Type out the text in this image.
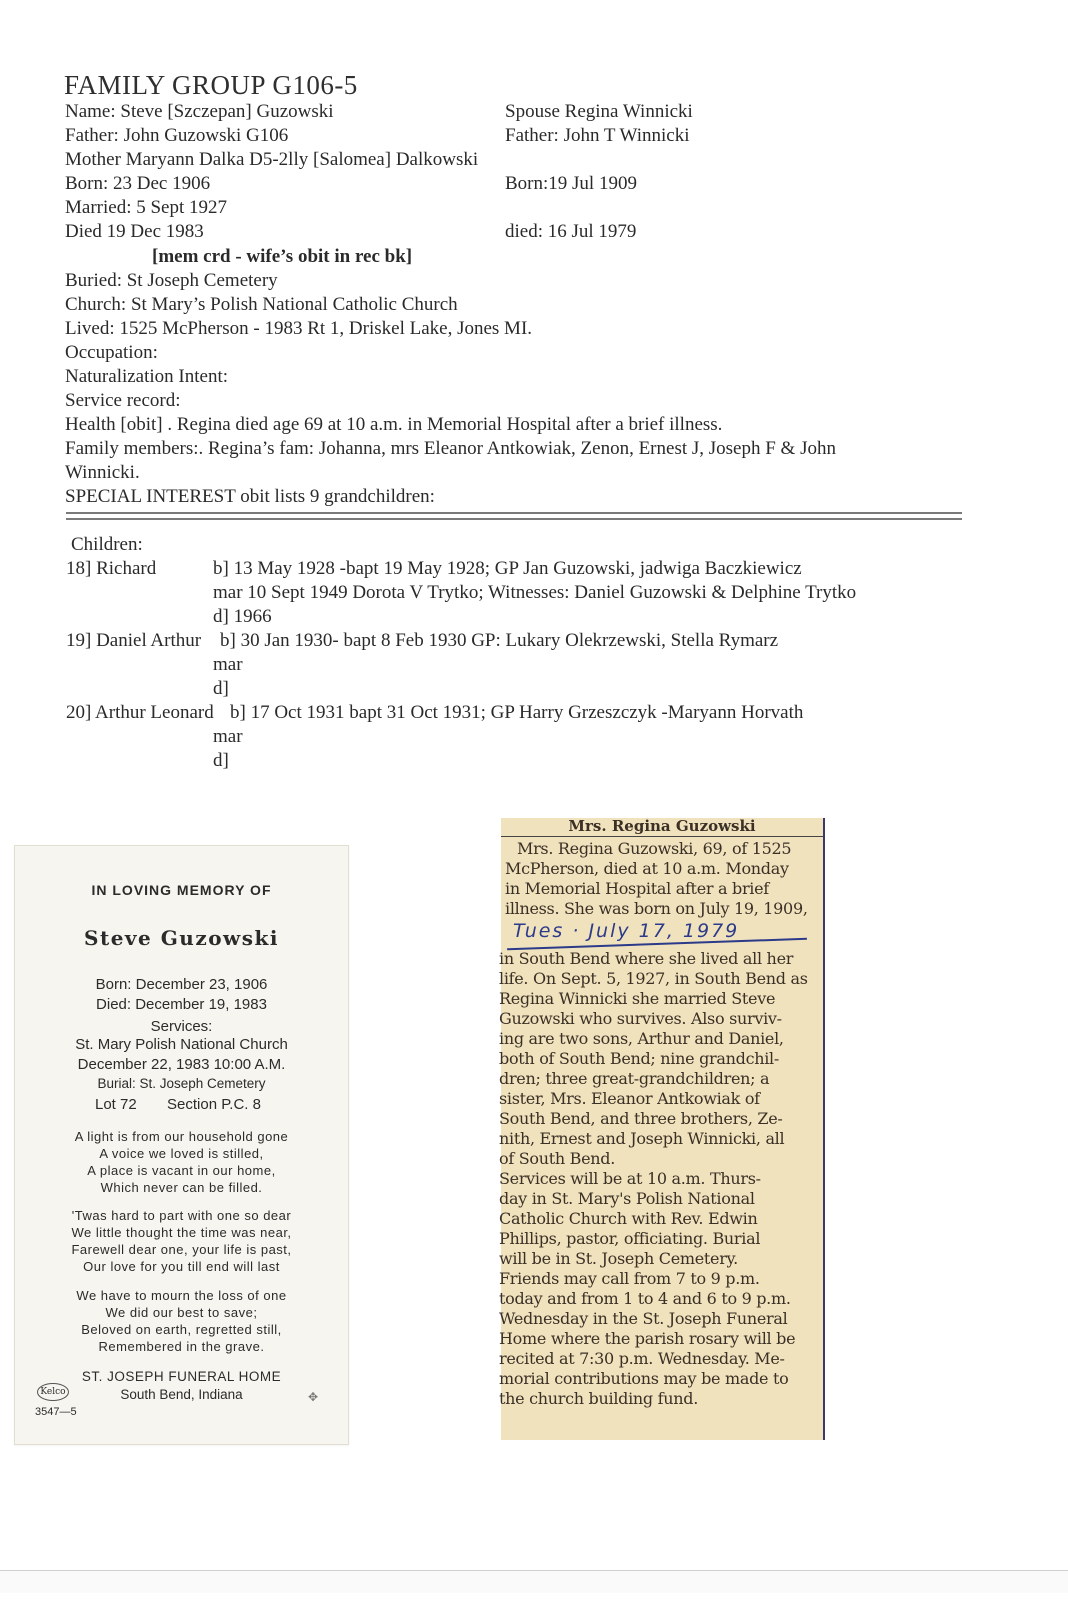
FAMILY GROUP G106-5
Name: Steve [Szczepan] Guzowski
Father: John Guzowski G106
Mother Maryann Dalka D5-2lly [Salomea] Dalkowski
Born: 23 Dec 1906
Married: 5 Sept 1927
Died 19 Dec 1983
Spouse Regina Winnicki
Father: John T Winnicki
Born:19 Jul 1909
died: 16 Jul 1979
[mem crd - wife’s obit in rec bk]
Buried: St Joseph Cemetery
Church: St Mary’s Polish National Catholic Church
Lived: 1525 McPherson - 1983 Rt 1, Driskel Lake, Jones MI.
Occupation:
Naturalization Intent:
Service record:
Health [obit] . Regina died age 69 at 10 a.m. in Memorial Hospital after a brief illness.
Family members:. Regina’s fam: Johanna, mrs Eleanor Antkowiak, Zenon, Ernest J, Joseph F & John
Winnicki.
SPECIAL INTEREST obit lists 9 grandchildren:
Children:
18] Richard	b] 13 May 1928 -bapt 19 May 1928; GP Jan Guzowski, jadwiga Baczkiewicz
mar 10 Sept 1949 Dorota V Trytko; Witnesses: Daniel Guzowski & Delphine Trytko
d] 1966
19] Daniel Arthur b] 30 Jan 1930- bapt 8 Feb 1930 GP: Lukary Olekrzewski, Stella Rymarz
mar
d]
20] Arthur Leonard b] 17 Oct 1931 bapt 31 Oct 1931; GP Harry Grzeszczyk -Maryann Horvath
mar
d]
IN LOVING MEMORY OF
Steve Guzowski
Born: December 23, 1906
Died: December 19, 1983
Services:
St. Mary Polish National Church
December 22, 1983 10:00 A.M.
Burial: St. Joseph Cemetery
Lot 72 Section P.C. 8
A light is from our household gone
A voice we loved is stilled,
A place is vacant in our home,
Which never can be filled.
'Twas hard to part with one so dear
We little thought the time was near,
Farewell dear one, your life is past,
Our love for you till end will last
We have to mourn the loss of one
We did our best to save;
Beloved on earth, regretted still,
Remembered in the grave.
ST. JOSEPH FUNERAL HOME
South Bend, Indiana
Kelco
3547—5
✥
Mrs. Regina Guzowski
Mrs. Regina Guzowski, 69, of 1525
McPherson, died at 10 a.m. Monday
in Memorial Hospital after a brief
illness. She was born on July 19, 1909,
Tues · July 17, 1979
in South Bend where she lived all her
life. On Sept. 5, 1927, in South Bend as
Regina Winnicki she married Steve
Guzowski who survives. Also surviv-
ing are two sons, Arthur and Daniel,
both of South Bend; nine grandchil-
dren; three great-grandchildren; a
sister, Mrs. Eleanor Antkowiak of
South Bend, and three brothers, Ze-
nith, Ernest and Joseph Winnicki, all
of South Bend.
Services will be at 10 a.m. Thurs-
day in St. Mary's Polish National
Catholic Church with Rev. Edwin
Phillips, pastor, officiating. Burial
will be in St. Joseph Cemetery.
Friends may call from 7 to 9 p.m.
today and from 1 to 4 and 6 to 9 p.m.
Wednesday in the St. Joseph Funeral
Home where the parish rosary will be
recited at 7:30 p.m. Wednesday. Me-
morial contributions may be made to
the church building fund.
